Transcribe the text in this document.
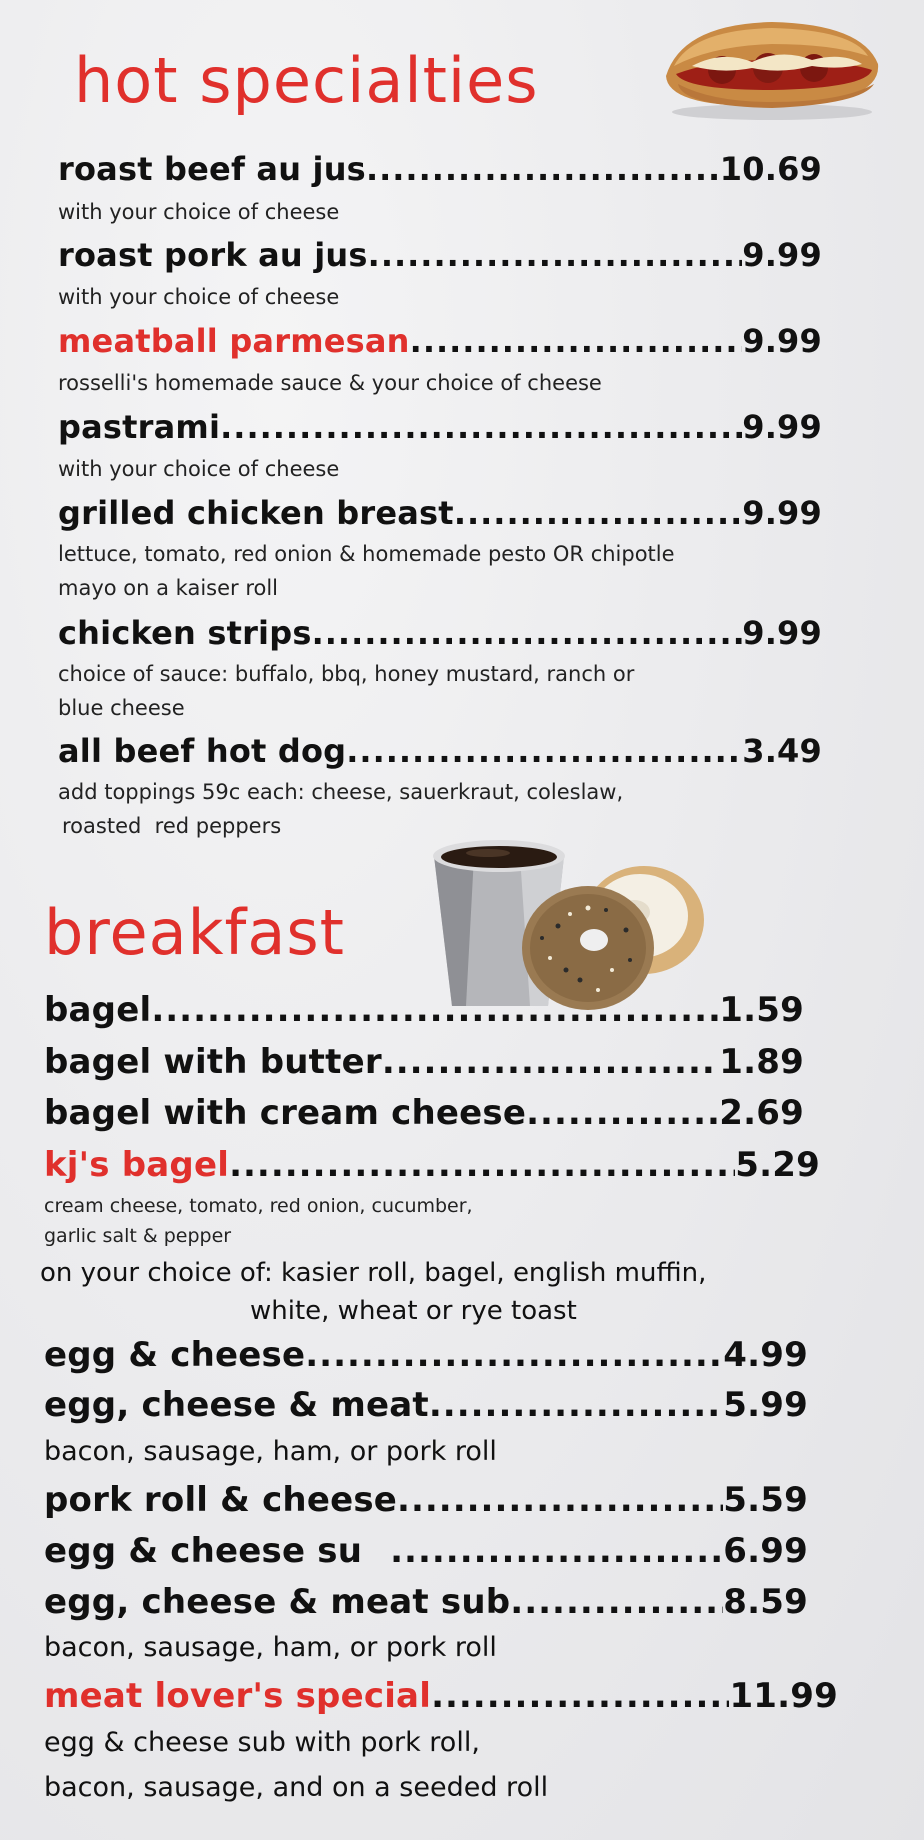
hot specialties
roast beef au jus .....	10.69
with your choice of cheese
roast pork au jus .....	9.99
with your choice of cheese
meatball parmesan .....	9.99
rosselli's homemade sauce & your choice of cheese
pastrami .....	9.99
with your choice of cheese
grilled chicken breast .....	9.99
lettuce, tomato, red onion & homemade pesto OR chipotle
mayo on a kaiser roll
chicken strips .....	9.99
choice of sauce: buffalo, bbq, honey mustard, ranch or
blue cheese
all beef hot dog .....	3.49
add toppings 59c each: cheese, sauerkraut, coleslaw,
roasted  red peppers
breakfast
bagel .....	1.59
bagel with butter .....	1.89
bagel with cream cheese .....	2.69
kj's bagel .....	5.29
cream cheese, tomato, red onion, cucumber,
garlic salt & pepper
on your choice of: kasier roll, bagel, english muffin,
white, wheat or rye toast
egg & cheese .....	4.99
egg, cheese & meat .....	5.99
bacon, sausage, ham, or pork roll
pork roll & cheese .....	5.59
egg & cheese su .....	6.99
egg, cheese & meat sub .....	8.59
bacon, sausage, ham, or pork roll
meat lover's special .....	11.99
egg & cheese sub with pork roll,
bacon, sausage, and on a seeded roll
